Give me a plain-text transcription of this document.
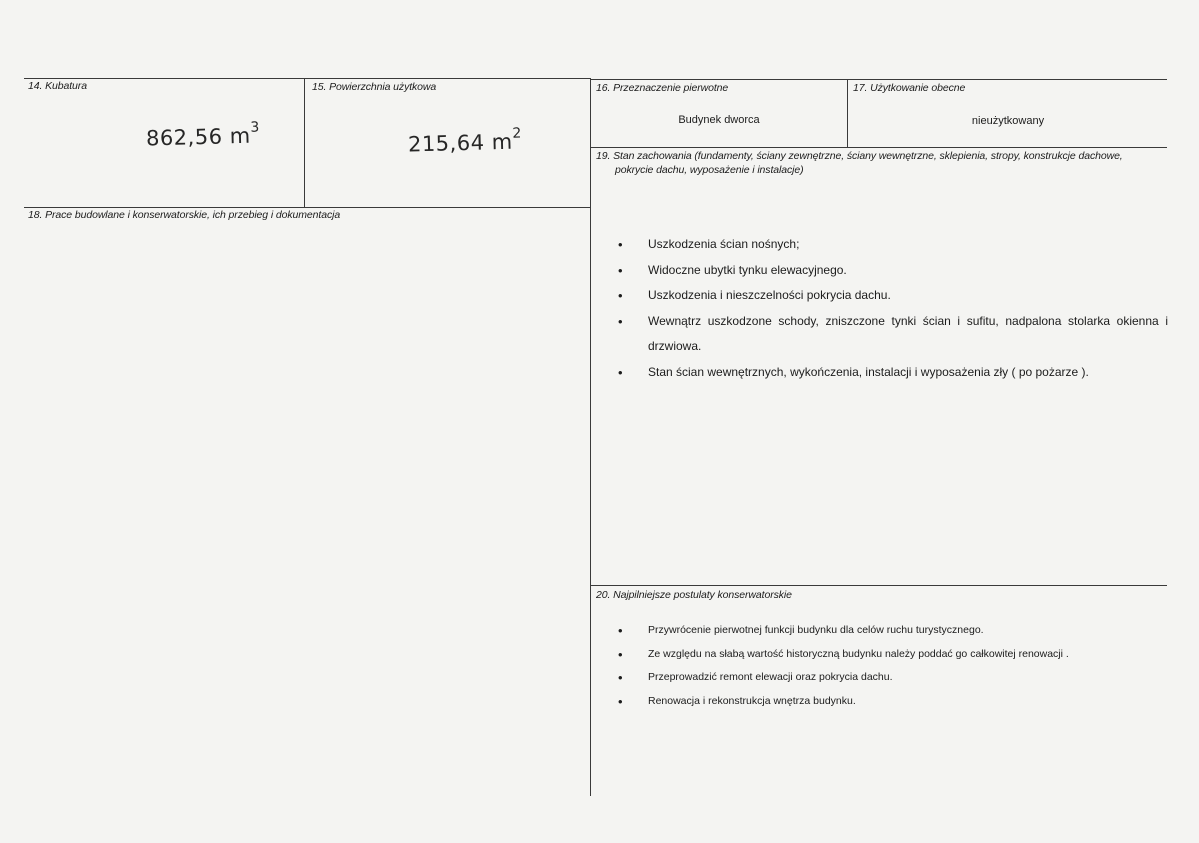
14. Kubatura
862,56 $m^3$
15. Powierzchnia użytkowa
215,64 $m^2$
16. Przeznaczenie pierwotne
Budynek dworca
17. Użytkowanie obecne
nieużytkowany
18. Prace budowlane i konserwatorskie, ich przebieg i dokumentacja
19. Stan zachowania (fundamenty, ściany zewnętrzne, ściany wewnętrzne, sklepienia, stropy, konstrukcje dachowe,
pokrycie dachu, wyposażenie i instalacje)
• Uszkodzenia ścian nośnych;
• Widoczne ubytki tynku elewacyjnego.
• Uszkodzenia i nieszczelności pokrycia dachu.
• Wewnątrz uszkodzone schody, zniszczone tynki ścian i sufitu, nadpalona stolarka okienna i drzwiowa.
• Stan ścian wewnętrznych, wykończenia, instalacji i wyposażenia zły ( po pożarze ).
20. Najpilniejsze postulaty konserwatorskie
• Przywrócenie pierwotnej funkcji budynku dla celów ruchu turystycznego.
• Ze względu na słabą wartość historyczną budynku należy poddać go całkowitej renowacji .
• Przeprowadzić remont elewacji oraz pokrycia dachu.
• Renowacja i rekonstrukcja wnętrza budynku.
